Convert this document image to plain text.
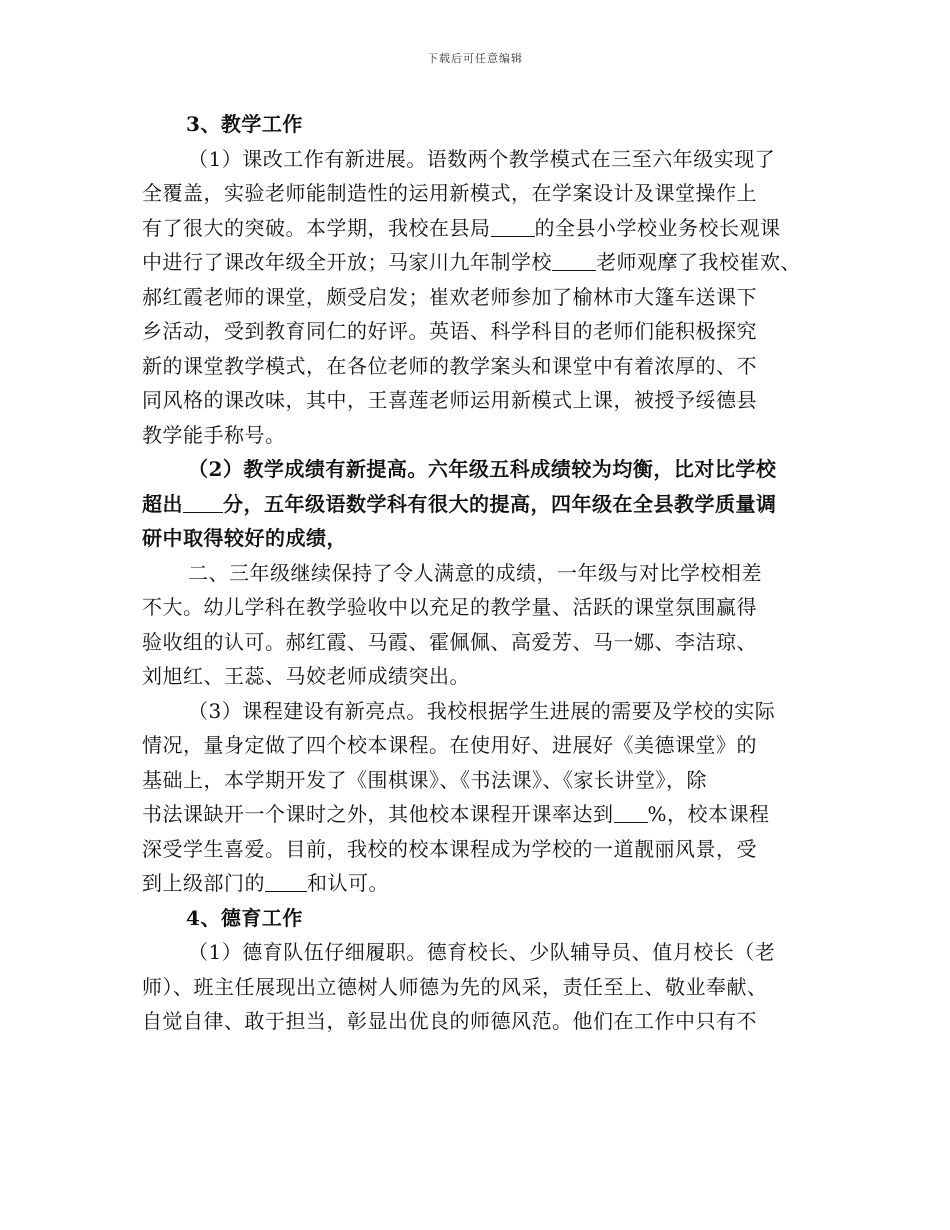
下载后可任意编辑
3、教学工作
（1）课改工作有新进展。语数两个教学模式在三至六年级实现了
全覆盖，实验老师能制造性的运用新模式，在学案设计及课堂操作上
有了很大的突破。本学期，我校在县局 的全县小学校业务校长观课
中进行了课改年级全开放；马家川九年制学校 老师观摩了我校崔欢、
郝红霞老师的课堂，颇受启发；崔欢老师参加了榆林市大篷车送课下
乡活动，受到教育同仁的好评。英语、科学科目的老师们能积极探究
新的课堂教学模式，在各位老师的教学案头和课堂中有着浓厚的、不
同风格的课改味，其中，王喜莲老师运用新模式上课，被授予绥德县
教学能手称号。
（2）教学成绩有新提高。六年级五科成绩较为均衡，比对比学校
超出 分，五年级语数学科有很大的提高，四年级在全县教学质量调
研中取得较好的成绩，
二、三年级继续保持了令人满意的成绩，一年级与对比学校相差
不大。幼儿学科在教学验收中以充足的教学量、活跃的课堂氛围赢得
验收组的认可。郝红霞、马霞、霍佩佩、高爱芳、马一娜、李洁琼、
刘旭红、王蕊、马姣老师成绩突出。
（3）课程建设有新亮点。我校根据学生进展的需要及学校的实际
情况，量身定做了四个校本课程。在使用好、进展好《美德课堂》的
基础上，本学期开发了《围棋课》、《书法课》、《家长讲堂》，除
书法课缺开一个课时之外，其他校本课程开课率达到 %，校本课程
深受学生喜爱。目前，我校的校本课程成为学校的一道靓丽风景，受
到上级部门的 和认可。
4、德育工作
（1）德育队伍仔细履职。德育校长、少队辅导员、值月校长（老
师）、班主任展现出立德树人师德为先的风采，责任至上、敬业奉献、
自觉自律、敢于担当，彰显出优良的师德风范。他们在工作中只有不
